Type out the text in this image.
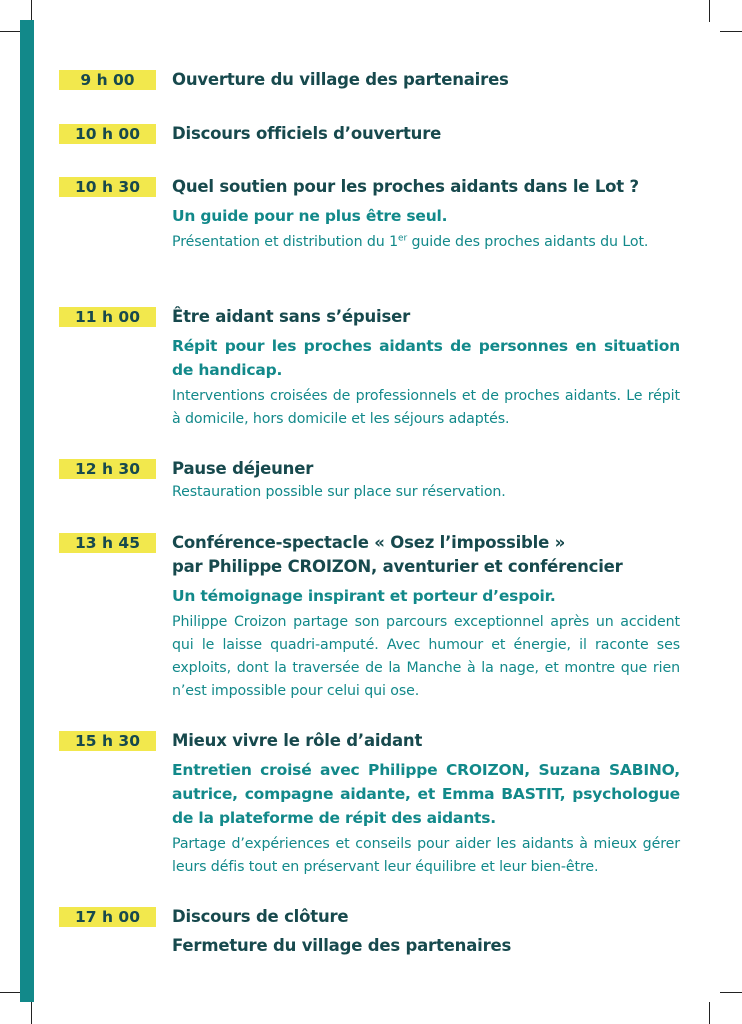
9 h 00	Ouverture du village des partenaires

10 h 00	Discours officiels d’ouverture

10 h 30	Quel soutien pour les proches aidants dans le Lot ?

Un guide pour ne plus être seul.

Présentation et distribution du 1er guide des proches aidants du Lot.

11 h 00	Être aidant sans s’épuiser

Répit pour les proches aidants de personnes en situation de handicap.

Interventions croisées de professionnels et de proches aidants. Le répit à domicile, hors domicile et les séjours adaptés.

12 h 30	Pause déjeuner

Restauration possible sur place sur réservation.

13 h 45	Conférence-spectacle « Osez l’impossible »

par Philippe CROIZON, aventurier et conférencier

Un témoignage inspirant et porteur d’espoir.

Philippe Croizon partage son parcours exceptionnel après un accident qui le laisse quadri-amputé. Avec humour et énergie, il raconte ses exploits, dont la traversée de la Manche à la nage, et montre que rien n’est impossible pour celui qui ose.

15 h 30	Mieux vivre le rôle d’aidant

Entretien croisé avec Philippe CROIZON, Suzana SABINO, autrice, compagne aidante, et Emma BASTIT, psychologue de la plateforme de répit des aidants.

Partage d’expériences et conseils pour aider les aidants à mieux gérer leurs défis tout en préservant leur équilibre et leur bien-être.

17 h 00	Discours de clôture

Fermeture du village des partenaires
